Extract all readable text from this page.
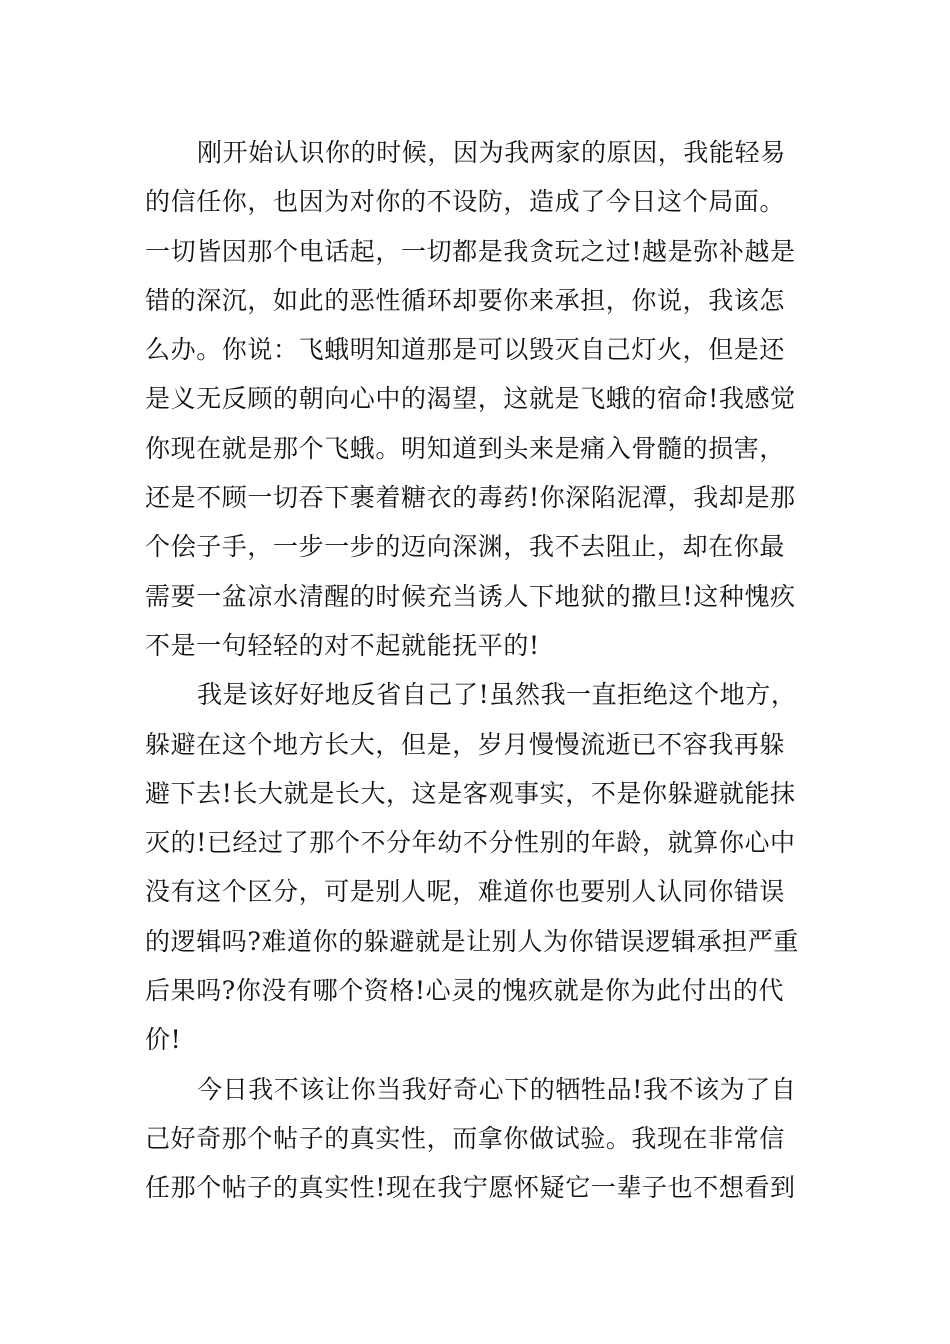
刚开始认识你的时候，因为我两家的原因，我能轻易
的信任你，也因为对你的不设防，造成了今日这个局面。
一切皆因那个电话起，一切都是我贪玩之过!越是弥补越是
错的深沉，如此的恶性循环却要你来承担，你说，我该怎
么办。你说：飞蛾明知道那是可以毁灭自己灯火，但是还
是义无反顾的朝向心中的渴望，这就是飞蛾的宿命!我感觉
你现在就是那个飞蛾。明知道到头来是痛入骨髓的损害，
还是不顾一切吞下裹着糖衣的毒药!你深陷泥潭，我却是那
个侩子手，一步一步的迈向深渊，我不去阻止，却在你最
需要一盆凉水清醒的时候充当诱人下地狱的撒旦!这种愧疚
不是一句轻轻的对不起就能抚平的!
我是该好好地反省自己了!虽然我一直拒绝这个地方，
躲避在这个地方长大，但是，岁月慢慢流逝已不容我再躲
避下去!长大就是长大，这是客观事实，不是你躲避就能抹
灭的!已经过了那个不分年幼不分性别的年龄，就算你心中
没有这个区分，可是别人呢，难道你也要别人认同你错误
的逻辑吗?难道你的躲避就是让别人为你错误逻辑承担严重
后果吗?你没有哪个资格!心灵的愧疚就是你为此付出的代
价!
今日我不该让你当我好奇心下的牺牲品!我不该为了自
己好奇那个帖子的真实性，而拿你做试验。我现在非常信
任那个帖子的真实性!现在我宁愿怀疑它一辈子也不想看到
